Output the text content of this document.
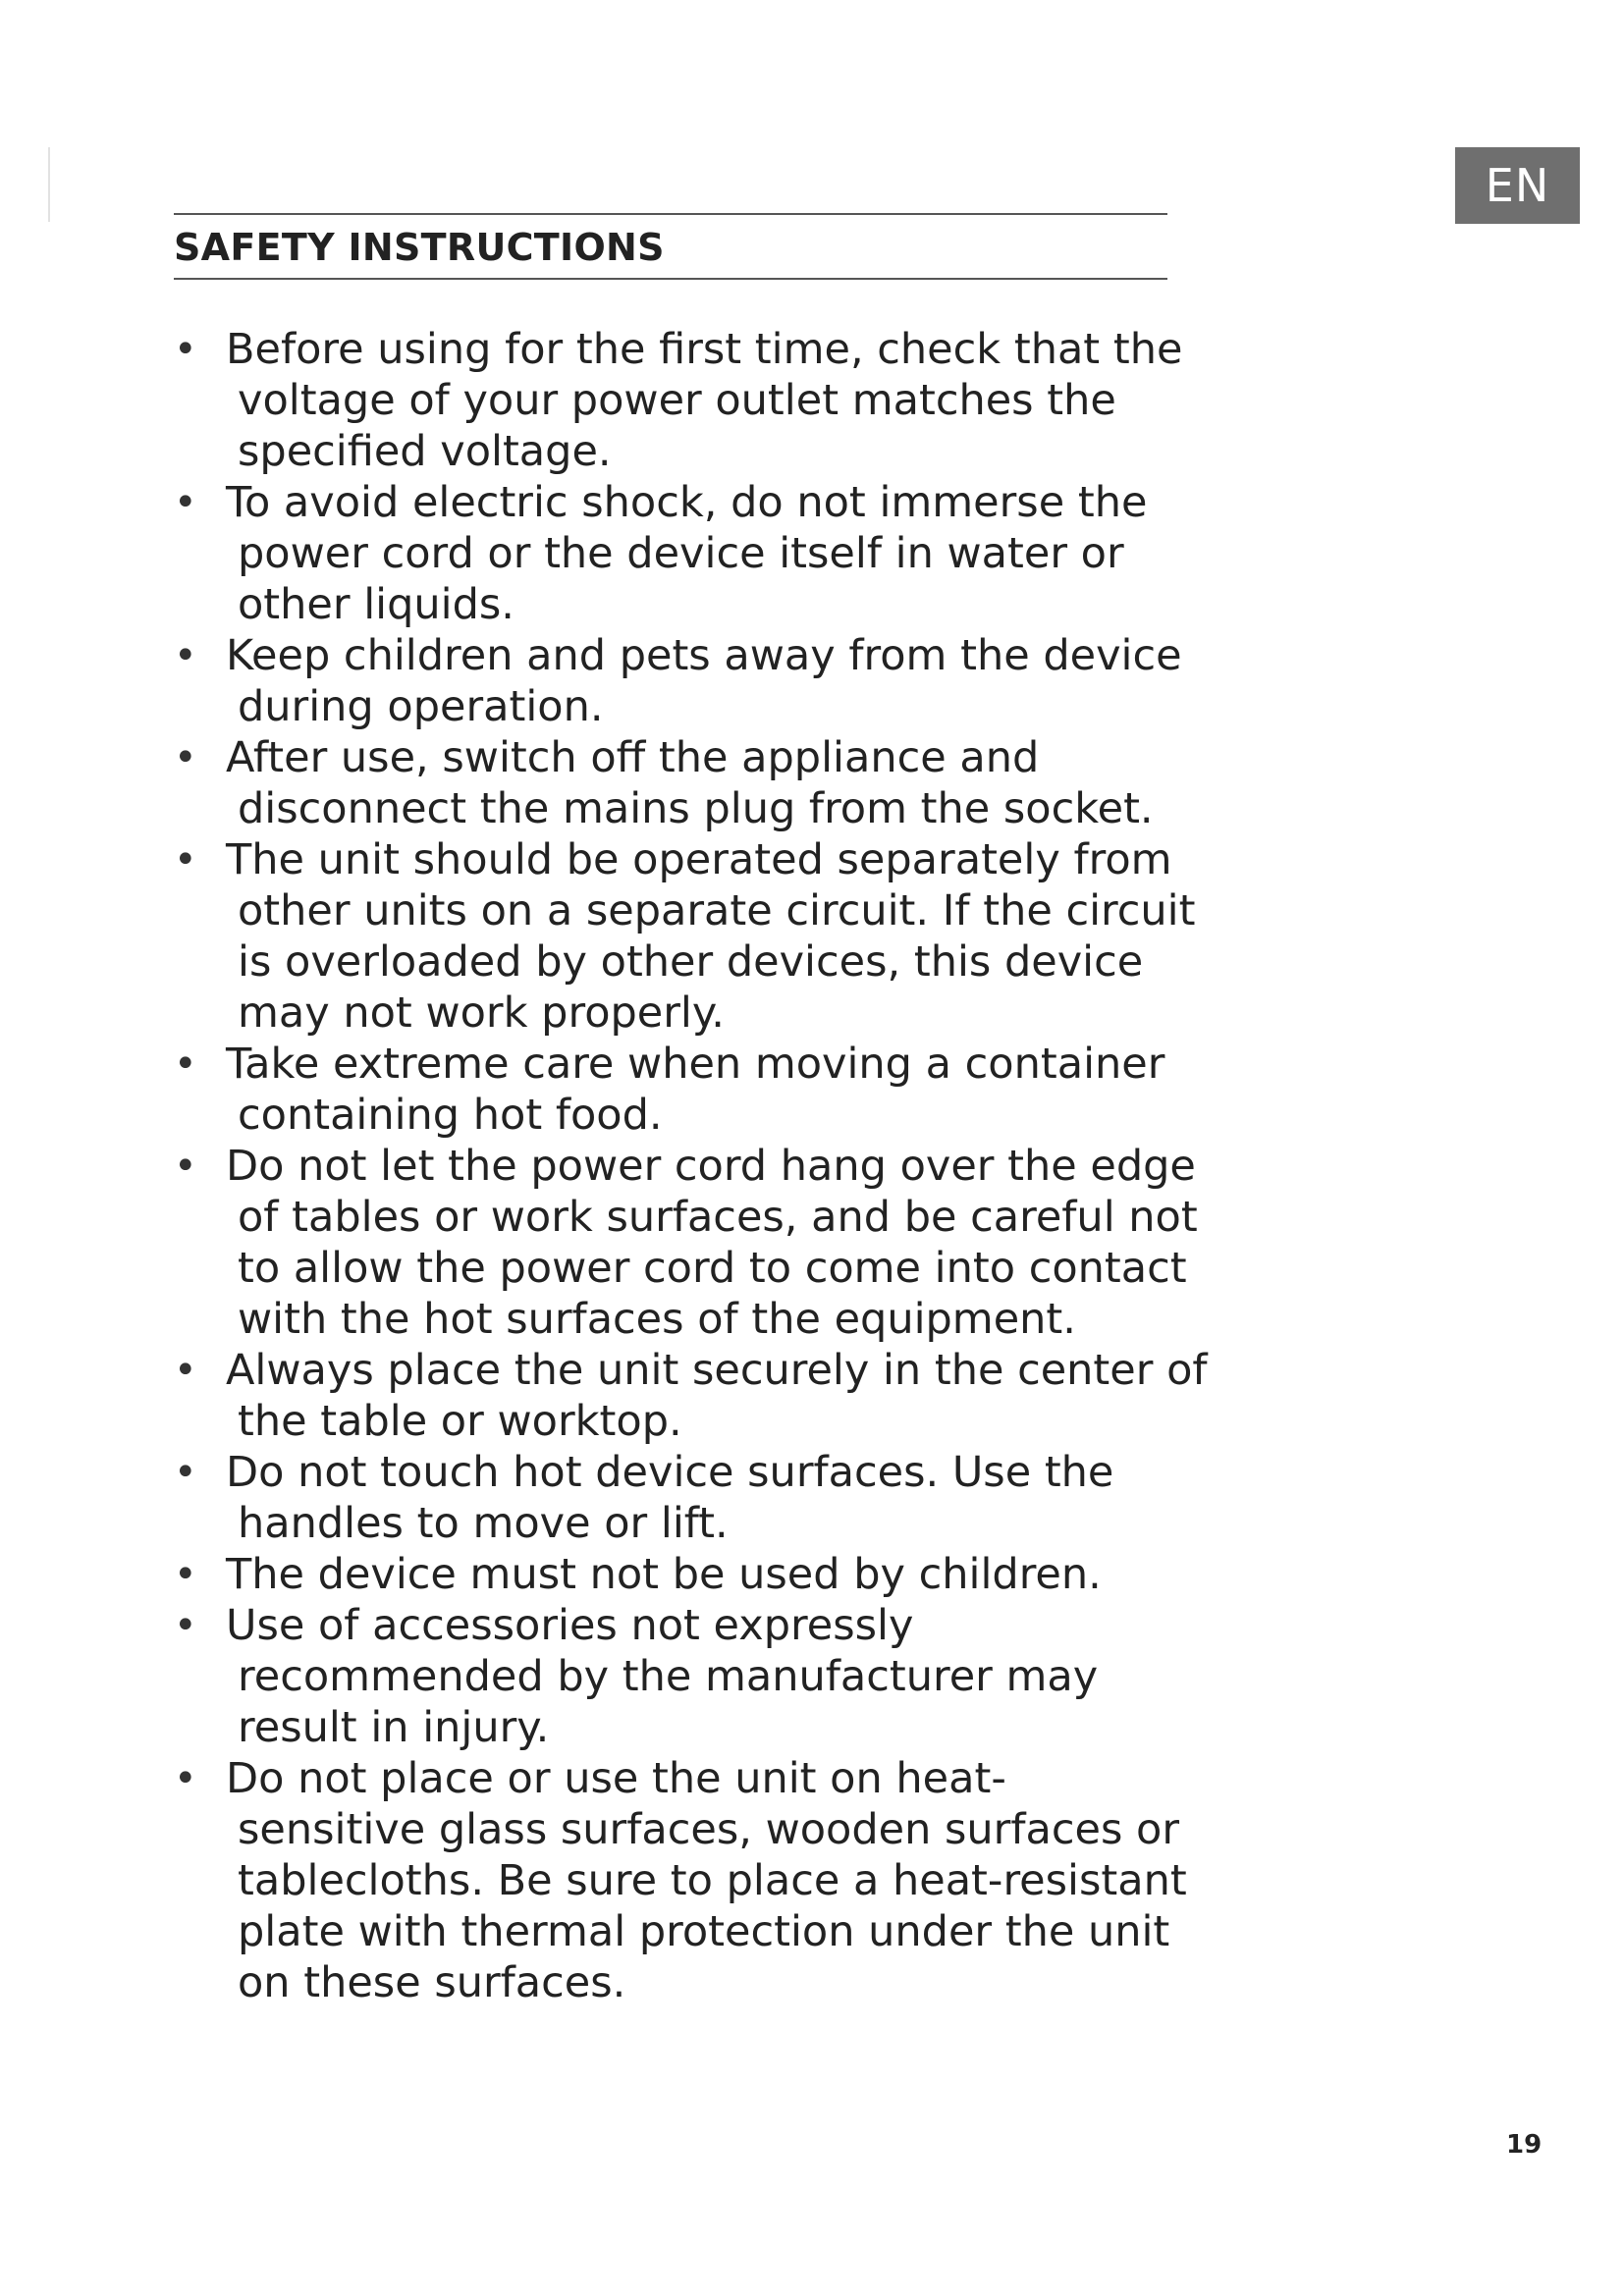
EN
SAFETY INSTRUCTIONS
• Before using for the first time, check that the
voltage of your power outlet matches the
specified voltage.
• To avoid electric shock, do not immerse the
power cord or the device itself in water or
other liquids.
• Keep children and pets away from the device
during operation.
• After use, switch off the appliance and
disconnect the mains plug from the socket.
• The unit should be operated separately from
other units on a separate circuit. If the circuit
is overloaded by other devices, this device
may not work properly.
• Take extreme care when moving a container
containing hot food.
• Do not let the power cord hang over the edge
of tables or work surfaces, and be careful not
to allow the power cord to come into contact
with the hot surfaces of the equipment.
• Always place the unit securely in the center of
the table or worktop.
• Do not touch hot device surfaces. Use the
handles to move or lift.
• The device must not be used by children.
• Use of accessories not expressly
recommended by the manufacturer may
result in injury.
• Do not place or use the unit on heat-
sensitive glass surfaces, wooden surfaces or
tablecloths. Be sure to place a heat-resistant
plate with thermal protection under the unit
on these surfaces.
19
